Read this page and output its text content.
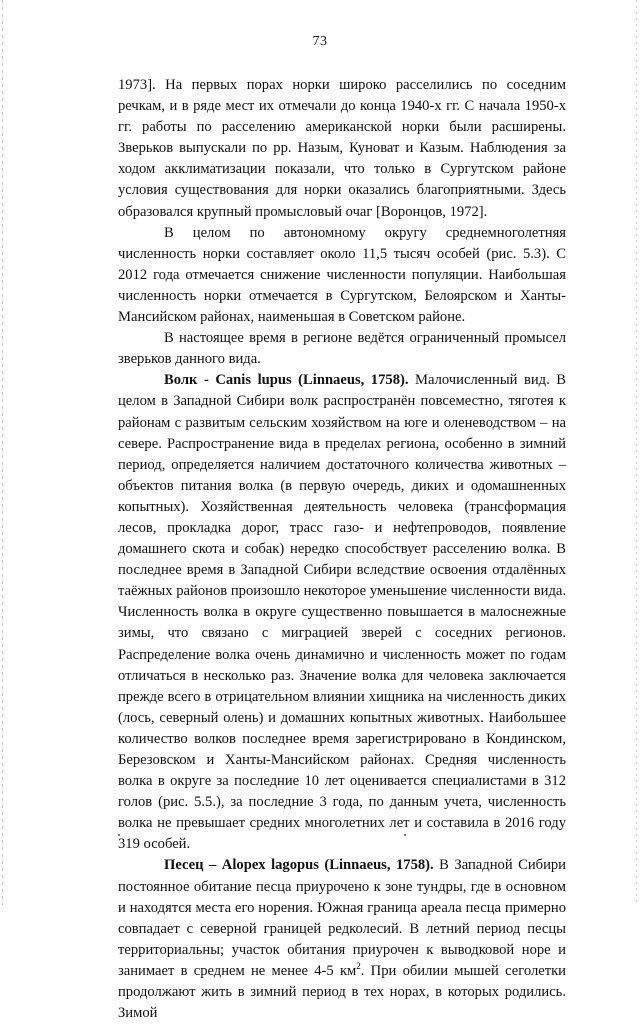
73

1973]. На первых порах норки широко расселились по соседним речкам, и в ряде мест их отмечали до конца 1940-х гг. С начала 1950-х гг. работы по расселению американской норки были расширены. Зверьков выпускали по рр. Назым, Куноват и Казым. Наблюдения за ходом акклиматизации показали, что только в Сургутском районе условия существования для норки оказались благоприятными. Здесь образовался крупный промысловый очаг [Воронцов, 1972].

В целом по автономному округу среднемноголетняя численность норки составляет около 11,5 тысяч особей (рис. 5.3). С 2012 года отмечается снижение численности популяции. Наибольшая численность норки отмечается в Сургутском, Белоярском и Ханты-Мансийском районах, наименьшая в Советском районе.

В настоящее время в регионе ведётся ограниченный промысел зверьков данного вида.

Волк - Canis lupus (Linnaeus, 1758). Малочисленный вид. В целом в Западной Сибири волк распространён повсеместно, тяготея к районам с развитым сельским хозяйством на юге и оленеводством – на севере. Распространение вида в пределах региона, особенно в зимний период, определяется наличием достаточного количества животных – объектов питания волка (в первую очередь, диких и одомашненных копытных). Хозяйственная деятельность человека (трансформация лесов, прокладка дорог, трасс газо- и нефтепроводов, появление домашнего скота и собак) нередко способствует расселению волка. В последнее время в Западной Сибири вследствие освоения отдалённых таёжных районов произошло некоторое уменьшение численности вида. Численность волка в округе существенно повышается в малоснежные зимы, что связано с миграцией зверей с соседних регионов. Распределение волка очень динамично и численность может по годам отличаться в несколько раз. Значение волка для человека заключается прежде всего в отрицательном влиянии хищника на численность диких (лось, северный олень) и домашних копытных животных. Наибольшее количество волков последнее время зарегистрировано в Кондинском, Березовском и Ханты-Мансийском районах. Средняя численность волка в округе за последние 10 лет оценивается специалистами в 312 голов (рис. 5.5.), за последние 3 года, по данным учета, численность волка не превышает средних многолетних лет и составила в 2016 году 319 особей.

Песец – Alopex lagopus (Linnaeus, 1758). В Западной Сибири постоянное обитание песца приурочено к зоне тундры, где в основном и находятся места его норения. Южная граница ареала песца примерно совпадает с северной границей редколесий. В летний период песцы территориальны; участок обитания приурочен к выводковой норе и занимает в среднем не менее 4-5 $км^2$. При обилии мышей сеголетки продолжают жить в зимний период в тех норах, в которых родились. Зимой
